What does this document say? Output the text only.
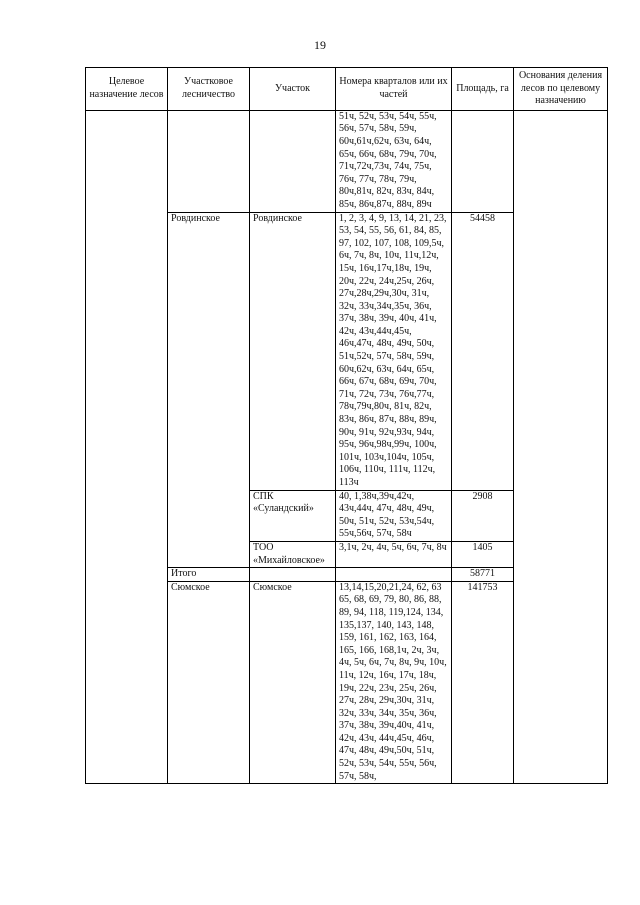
19
Целевое назначение лесов	Участковое лесничество	Участок	Номера кварталов или их частей	Площадь, га	Основания деления лесов по целевому назначению
			51ч, 52ч, 53ч, 54ч, 55ч, 56ч, 57ч, 58ч, 59ч, 60ч,61ч,62ч, 63ч, 64ч, 65ч, 66ч, 68ч, 79ч, 70ч, 71ч,72ч,73ч, 74ч, 75ч, 76ч, 77ч, 78ч, 79ч, 80ч,81ч, 82ч, 83ч, 84ч, 85ч, 86ч,87ч, 88ч, 89ч		
	Ровдинское	Ровдинское	1, 2, 3, 4, 9, 13, 14, 21, 23, 53, 54, 55, 56, 61, 84, 85, 97, 102, 107, 108, 109,5ч, 6ч, 7ч, 8ч, 10ч, 11ч,12ч, 15ч, 16ч,17ч,18ч, 19ч, 20ч, 22ч, 24ч,25ч, 26ч, 27ч,28ч,29ч,30ч, 31ч, 32ч, 33ч,34ч,35ч, 36ч, 37ч, 38ч, 39ч, 40ч, 41ч, 42ч, 43ч,44ч,45ч, 46ч,47ч, 48ч, 49ч, 50ч, 51ч,52ч, 57ч, 58ч, 59ч, 60ч,62ч, 63ч, 64ч, 65ч, 66ч, 67ч, 68ч, 69ч, 70ч, 71ч, 72ч, 73ч, 76ч,77ч, 78ч,79ч,80ч, 81ч, 82ч, 83ч, 86ч, 87ч, 88ч, 89ч, 90ч, 91ч, 92ч,93ч, 94ч, 95ч, 96ч,98ч,99ч, 100ч, 101ч, 103ч,104ч, 105ч, 106ч, 110ч, 111ч, 112ч, 113ч	54458	
		СПК «Суландский»	40, 1,38ч,39ч,42ч, 43ч,44ч, 47ч, 48ч, 49ч, 50ч, 51ч, 52ч, 53ч,54ч, 55ч,56ч, 57ч, 58ч	2908	
		ТОО «Михайловское»	3,1ч, 2ч, 4ч, 5ч, 6ч, 7ч, 8ч	1405	
	Итого			58771	
	Сюмское	Сюмское	13,14,15,20,21,24, 62, 63 65, 68, 69, 79, 80, 86, 88, 89, 94, 118, 119,124, 134, 135,137, 140, 143, 148, 159, 161, 162, 163, 164, 165, 166, 168,1ч, 2ч, 3ч, 4ч, 5ч, 6ч, 7ч, 8ч, 9ч, 10ч, 11ч, 12ч, 16ч, 17ч, 18ч, 19ч, 22ч, 23ч, 25ч, 26ч, 27ч, 28ч, 29ч,30ч, 31ч, 32ч, 33ч, 34ч, 35ч, 36ч, 37ч, 38ч, 39ч,40ч, 41ч, 42ч, 43ч, 44ч,45ч, 46ч, 47ч, 48ч, 49ч,50ч, 51ч, 52ч, 53ч, 54ч, 55ч, 56ч, 57ч, 58ч,	141753	
